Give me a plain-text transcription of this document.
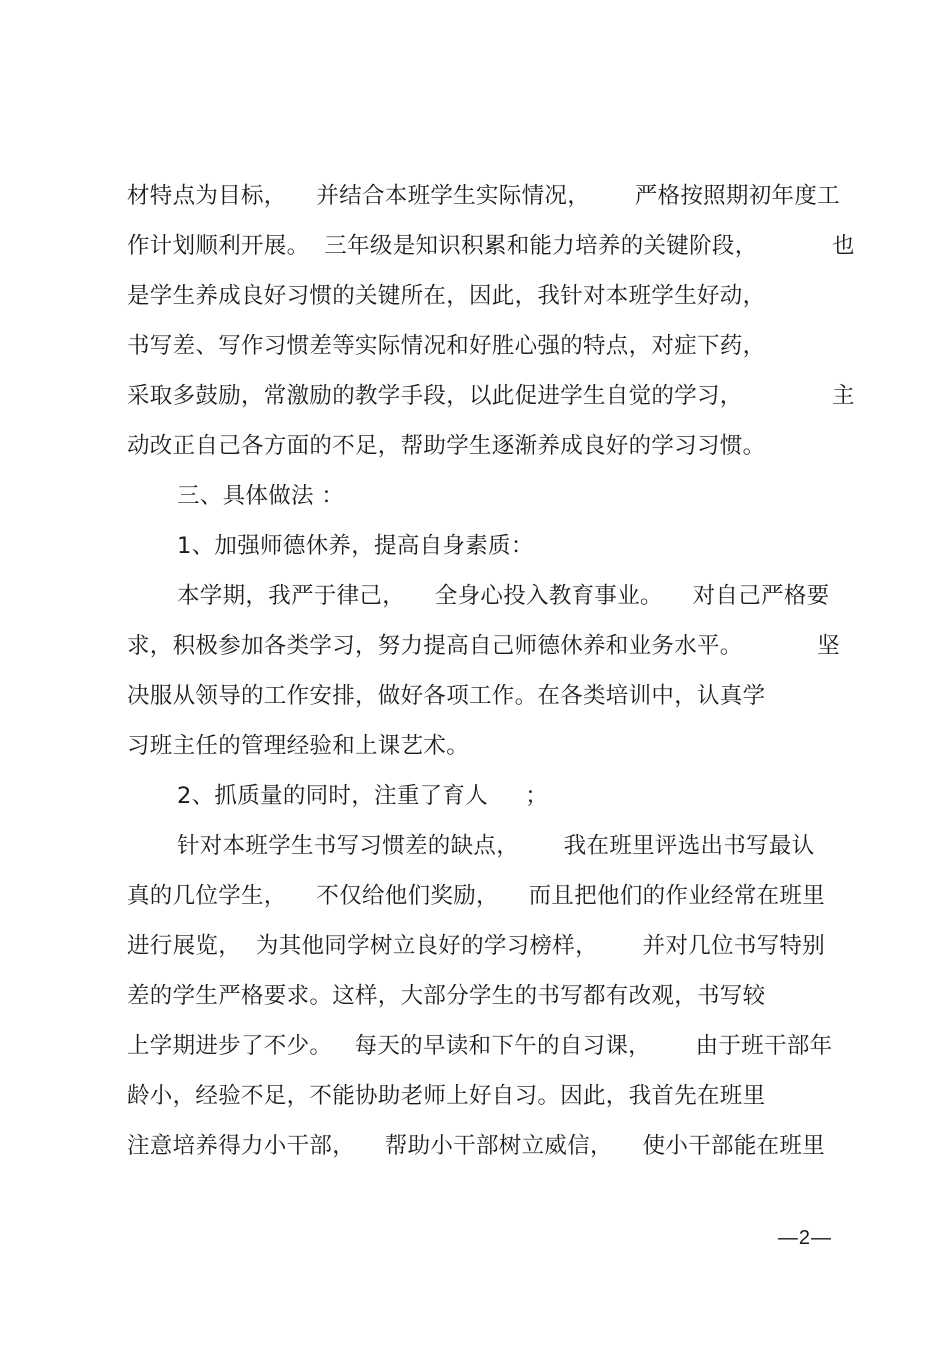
材特点为目标，    并结合本班学生实际情况，      严格按照期初年度工
作计划顺利开展。  三年级是知识积累和能力培养的关键阶段，          也
是学生养成良好习惯的关键所在，因此，我针对本班学生好动，
书写差、写作习惯差等实际情况和好胜心强的特点，对症下药，
采取多鼓励，常激励的教学手段，以此促进学生自觉的学习，            主
动改正自己各方面的不足，帮助学生逐渐养成良好的学习习惯。
三、具体做法 ：
1、加强师德休养，提高自身素质：
本学期，我严于律己，    全身心投入教育事业。    对自己严格要
求，积极参加各类学习，努力提高自己师德休养和业务水平。          坚
决服从领导的工作安排，做好各项工作。在各类培训中，认真学
习班主任的管理经验和上课艺术。
2、抓质量的同时，注重了育人     ；
针对本班学生书写习惯差的缺点，      我在班里评选出书写最认
真的几位学生，    不仅给他们奖励，    而且把他们的作业经常在班里
进行展览，  为其他同学树立良好的学习榜样，      并对几位书写特别
差的学生严格要求。这样，大部分学生的书写都有改观，书写较
上学期进步了不少。   每天的早读和下午的自习课，      由于班干部年
龄小，经验不足，不能协助老师上好自习。因此，我首先在班里
注意培养得力小干部，    帮助小干部树立威信，    使小干部能在班里
—2—
